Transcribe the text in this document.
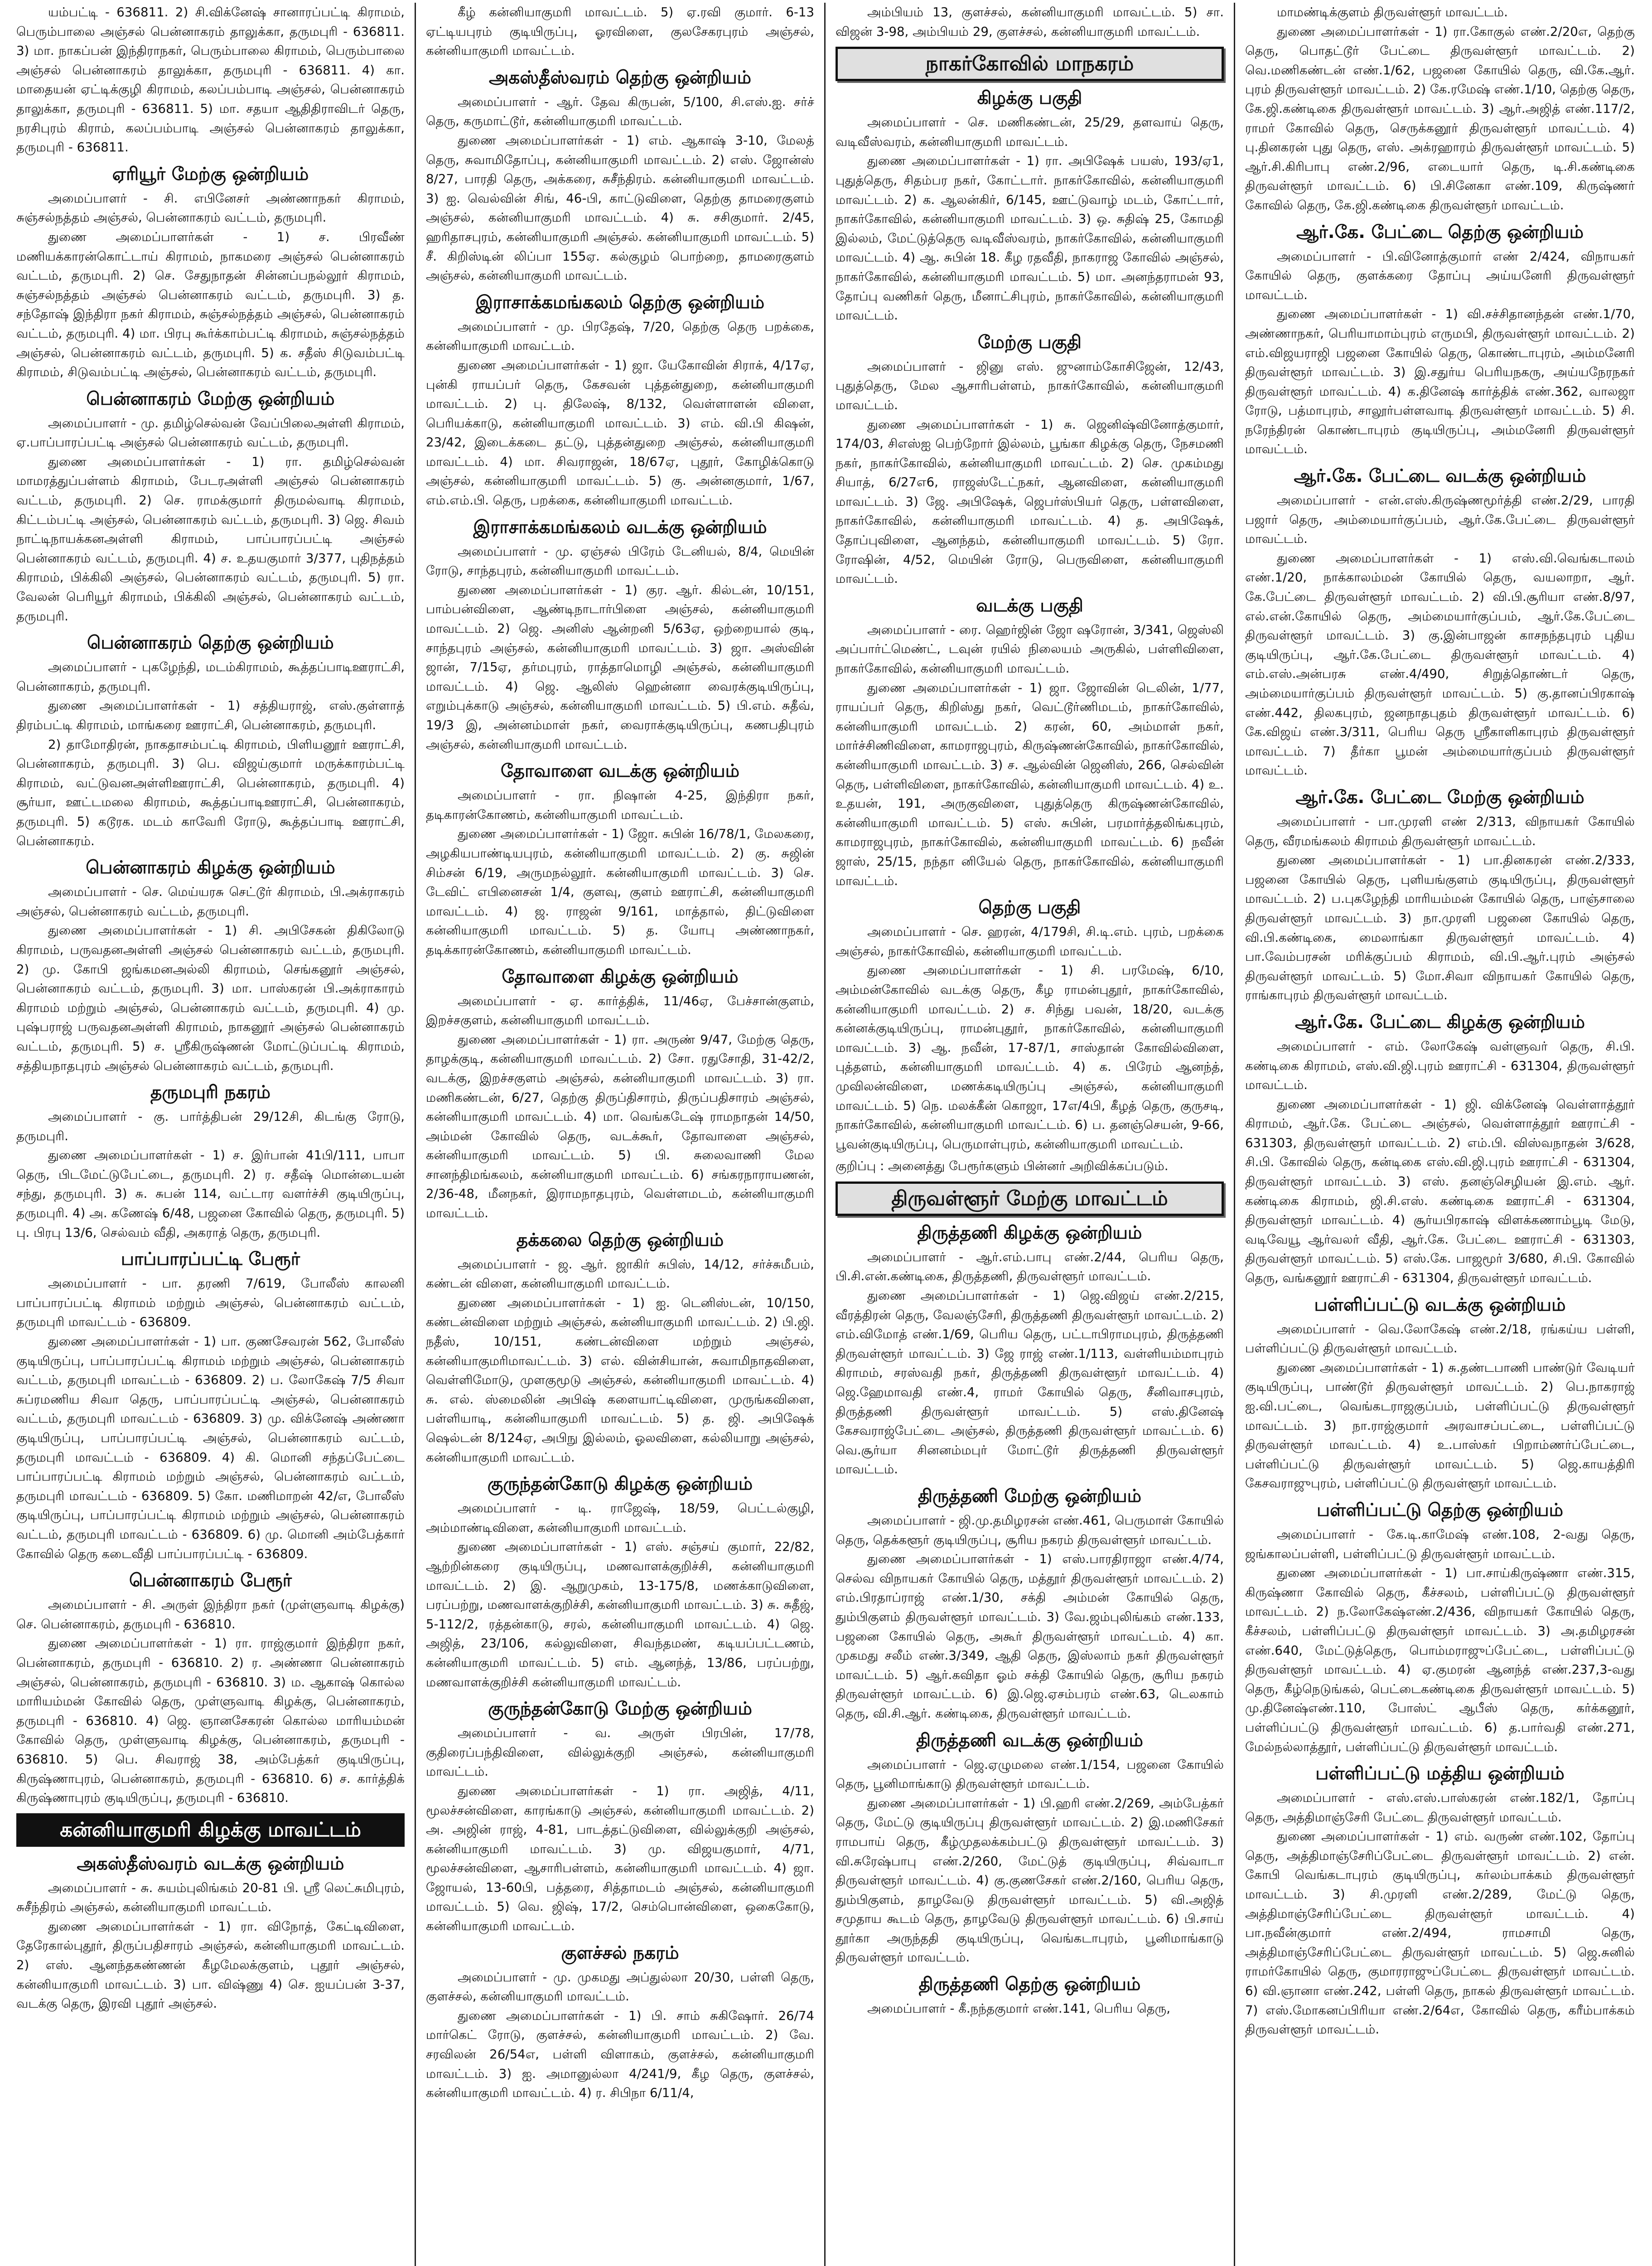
யம்பட்டி - 636811. 2) சி.விக்னேஷ் சானாரப்பட்டி கிராமம், பெரும்பாலை அஞ்சல் பென்னாகரம் தாலுக்கா, தருமபுரி - 636811. 3) மா. நாகப்பன் இந்திராநகர், பெரும்பாலை கிராமம், பெரும்பாலை அஞ்சல் பென்னாகரம் தாலுக்கா, தருமபுரி - 636811. 4) கா. மாதையன் ஏட்டிக்குழி கிராமம், கலப்பம்பாடி அஞ்சல், பென்னாகரம் தாலுக்கா, தருமபுரி - 636811. 5) மா. சதயா ஆதிதிராவிடர் தெரு, நரசிபுரம் கிராம், கலப்பம்பாடி அஞ்சல் பென்னாகரம் தாலுக்கா, தருமபுரி - 636811.

ஏரியூர் மேற்கு ஒன்றியம்

அமைப்பாளர் - சி. எபினேசர் அண்ணாநகர் கிராமம், சுஞ்சல்நத்தம் அஞ்சல், பென்னாகரம் வட்டம், தருமபுரி.

துணை அமைப்பாளர்கள் - 1) ச. பிரவீண் மணியக்காரன்கொட்டாய் கிராமம், நாகமரை அஞ்சல் பென்னாகரம் வட்டம், தருமபுரி. 2) செ. சேதுநாதன் சின்னப்பநல்லூர் கிராமம், சுஞ்சல்நத்தம் அஞ்சல் பென்னாகரம் வட்டம், தருமபுரி. 3) த. சந்தோஷ் இந்திரா நகர் கிராமம், சுஞ்சல்நத்தம் அஞ்சல், பென்னாகரம் வட்டம், தருமபுரி. 4) மா. பிரபு கூர்க்காம்பட்டி கிராமம், சுஞ்சல்நத்தம் அஞ்சல், பென்னாகரம் வட்டம், தருமபுரி. 5) க. சதீஸ் சிடுவம்பட்டி கிராமம், சிடுவம்பட்டி அஞ்சல், பென்னாகரம் வட்டம், தருமபுரி.

பென்னாகரம் மேற்கு ஒன்றியம்

அமைப்பாளர் - மு. தமிழ்செல்வன் வேப்பிலைஅள்ளி கிராமம், ஏ.பாப்பாரப்பட்டி அஞ்சல் பென்னாகரம் வட்டம், தருமபுரி.

துணை அமைப்பாளர்கள் - 1) ரா. தமிழ்செல்வன் மாமரத்துப்பள்ளம் கிராமம், பேடரஅள்ளி அஞ்சல் பென்னாகரம் வட்டம், தருமபுரி. 2) செ. ராமக்குமார் திருமல்வாடி கிராமம், கிட்டம்பட்டி அஞ்சல், பென்னாகரம் வட்டம், தருமபுரி. 3) ஜெ. சிவம் நாட்டிநாயக்கனஅள்ளி கிராமம், பாப்பாரப்பட்டி அஞ்சல் பென்னாகரம் வட்டம், தருமபுரி. 4) ச. உதயகுமார் 3/377, புதிநத்தம் கிராமம், பிக்கிலி அஞ்சல், பென்னாகரம் வட்டம், தருமபுரி. 5) ரா. வேலன் பெரியூர் கிராமம், பிக்கிலி அஞ்சல், பென்னாகரம் வட்டம், தருமபுரி.

பென்னாகரம் தெற்கு ஒன்றியம்

அமைப்பாளர் - புகழேந்தி, மடம்கிராமம், கூத்தப்பாடிஊராட்சி, பென்னாகரம், தருமபுரி.

துணை அமைப்பாளர்கள் - 1) சத்தியராஜ், எஸ்.குள்ளாத் திரம்பட்டி கிராமம், மாங்கரை ஊராட்சி, பென்னாகரம், தருமபுரி.

2) தாமோதிரன், நாகதாசம்பட்டி கிராமம், பிளியனூர் ஊராட்சி, பென்னாகரம், தருமபுரி. 3) பெ. விஜய்குமார் மருக்காரம்பட்டி கிராமம், வட்டுவனஅள்ளிஊராட்சி, பென்னாகரம், தருமபுரி. 4) சூர்யா, ஊட்டமலை கிராமம், கூத்தப்பாடிஊராட்சி, பென்னாகரம், தருமபுரி. 5) கடூரக. மடம் காவேரி ரோடு, கூத்தப்பாடி ஊராட்சி, பென்னாகரம்.

பென்னாகரம் கிழக்கு ஒன்றியம்

அமைப்பாளர் - செ. மெய்யரசு செட்டூர் கிராமம், பி.அக்ராகரம் அஞ்சல், பென்னாகரம் வட்டம், தருமபுரி.

துணை அமைப்பாளர்கள் - 1) சி. அபிசேகன் திகிலோடு கிராமம், பருவதனஅள்ளி அஞ்சல் பென்னாகரம் வட்டம், தருமபுரி. 2) மு. கோபி ஜங்கமனஅல்லி கிராமம், செங்கனூர் அஞ்சல், பென்னாகரம் வட்டம், தருமபுரி. 3) மா. பாஸ்கரன் பி.அக்ராகாரம் கிராமம் மற்றும் அஞ்சல், பென்னாகரம் வட்டம், தருமபுரி. 4) மு. புஷ்பராஜ் பருவதனஅள்ளி கிராமம், நாகனூர் அஞ்சல் பென்னாகரம் வட்டம், தருமபுரி. 5) ச. ஸ்ரீகிருஷ்ணன் மோட்டுப்பட்டி கிராமம், சத்தியநாதபுரம் அஞ்சல் பென்னாகரம் வட்டம், தருமபுரி.

தருமபுரி நகரம்

அமைப்பாளர் - கு. பார்த்திபன் 29/12சி, கிடங்கு ரோடு, தருமபுரி.

துணை அமைப்பாளர்கள் - 1) ச. இர்பான் 41பி/111, பாபா தெரு, பிடமேட்டுபேட்டை, தருமபுரி. 2) ர. சதீஷ் மொன்டையன் சந்து, தருமபுரி. 3) சு. சுபன் 114, வட்டார வளர்ச்சி குடியிருப்பு, தருமபுரி. 4) அ. கணேஷ் 6/48, பஜனை கோவில் தெரு, தருமபுரி. 5) பு. பிரபு 13/6, செல்வம் வீதி, அகராத் தெரு, தருமபுரி.

பாப்பாரப்பட்டி பேரூர்

அமைப்பாளர் - பா. தரணி 7/619, போலீஸ் காலனி பாப்பாரப்பட்டி கிராமம் மற்றும் அஞ்சல், பென்னாகரம் வட்டம், தருமபுரி மாவட்டம் - 636809.

துணை அமைப்பாளர்கள் - 1) பா. குணசேவரன் 562, போலீஸ் குடியிருப்பு, பாப்பாரப்பட்டி கிராமம் மற்றும் அஞ்சல், பென்னாகரம் வட்டம், தருமபுரி மாவட்டம் - 636809. 2) ப. லோகேஷ் 7/5 சிவா சுப்ரமணிய சிவா தெரு, பாப்பாரப்பட்டி அஞ்சல், பென்னாகரம் வட்டம், தருமபுரி மாவட்டம் - 636809. 3) மு. விக்னேஷ் அண்ணா குடியிருப்பு, பாப்பாரப்பட்டி அஞ்சல், பென்னாகரம் வட்டம், தருமபுரி மாவட்டம் - 636809. 4) கி. மொனி சந்தப்பேட்டை பாப்பாரப்பட்டி கிராமம் மற்றும் அஞ்சல், பென்னாகரம் வட்டம், தருமபுரி மாவட்டம் - 636809. 5) கோ. மணிமாறன் 42/எ, போலீஸ் குடியிருப்பு, பாப்பாரப்பட்டி கிராமம் மற்றும் அஞ்சல், பென்னாகரம் வட்டம், தருமபுரி மாவட்டம் - 636809. 6) மு. மொனி அம்பேத்கார் கோவில் தெரு கடைவீதி பாப்பாரப்பட்டி - 636809.

பென்னாகரம் பேரூர்

அமைப்பாளர் - சி. அருள் இந்திரா நகர் (முள்ளுவாடி கிழக்கு) செ. பென்னாகரம், தருமபுரி - 636810.

துணை அமைப்பாளர்கள் - 1) ரா. ராஜ்குமார் இந்திரா நகர், பென்னாகரம், தருமபுரி - 636810. 2) ர. அண்ணா பென்னாகரம் அஞ்சல், பென்னாகரம், தருமபுரி - 636810. 3) ம. ஆகாஷ் கொல்ல மாரியம்மன் கோவில் தெரு, முள்ளுவாடி கிழக்கு, பென்னாகரம், தருமபுரி - 636810. 4) ஜெ. ஞானசேகரன் கொல்ல மாரியம்மன் கோவில் தெரு, முள்ளுவாடி கிழக்கு, பென்னாகரம், தருமபுரி - 636810. 5) பெ. சிவராஜ் 38, அம்பேத்கர் குடியிருப்பு, கிருஷ்ணாபுரம், பென்னாகரம், தருமபுரி - 636810. 6) ச. கார்த்திக் கிருஷ்ணாபுரம் குடியிருப்பு, தருமபுரி - 636810.

கன்னியாகுமரி கிழக்கு மாவட்டம்
அகஸ்தீஸ்வரம் வடக்கு ஒன்றியம்

அமைப்பாளர் - சு. சுயம்புலிங்கம் 20-81 பி. ஸ்ரீ லெட்சுமிபுரம், சுசீந்திரம் அஞ்சல், கன்னியாகுமரி மாவட்டம்.

துணை அமைப்பாளர்கள் - 1) ரா. விநோத், கேட்டிவிளை, தேரேகால்புதூர், திருப்பதிசாரம் அஞ்சல், கன்னியாகுமரி மாவட்டம். 2) எஸ். ஆனந்தகண்ணன் கீழமேலக்குளம், புதூர் அஞ்சல், கன்னியாகுமரி மாவட்டம். 3) பா. விஷ்ணு 4) செ. ஐயப்பன் 3-37, வடக்கு தெரு, இரவி புதூர் அஞ்சல்.

கீழ் கன்னியாகுமரி மாவட்டம். 5) ஏ.ரவி குமார். 6-13 ஏட்டியபுரம் குடியிருப்பு, ஓரவிளை, குலசேகரபுரம் அஞ்சல், கன்னியாகுமரி மாவட்டம்.

அகஸ்தீஸ்வரம் தெற்கு ஒன்றியம்

அமைப்பாளர் - ஆர். தேவ கிருபன், 5/100, சி.எஸ்.ஐ. சர்ச் தெரு, கருமாட்டூர், கன்னியாகுமரி மாவட்டம்.

துணை அமைப்பாளர்கள் - 1) எம். ஆகாஷ் 3-10, மேலத் தெரு, சுவாமிதோப்பு, கன்னியாகுமரி மாவட்டம். 2) எஸ். ஜோன்ஸ் 8/27, பாரதி தெரு, அக்கரை, சுசீந்திரம். கன்னியாகுமரி மாவட்டம். 3) ஐ. வெல்வின் சிங், 46-பி, காட்டுவிளை, தெற்கு தாமரைகுளம் அஞ்சல், கன்னியாகுமரி மாவட்டம். 4) சு. சசிகுமார். 2/45, ஹரிதாசபுரம், கன்னியாகுமரி அஞ்சல். கன்னியாகுமரி மாவட்டம். 5) சீ. கிறிஸ்டின் லிப்பா 155ஏ. கல்குழம் பொற்றை, தாமரைகுளம் அஞ்சல், கன்னியாகுமரி மாவட்டம்.

இராசாக்கமங்கலம் தெற்கு ஒன்றியம்

அமைப்பாளர் - மு. பிரதேஷ், 7/20, தெற்கு தெரு பறக்கை, கன்னியாகுமரி மாவட்டம்.

துணை அமைப்பாளர்கள் - 1) ஜா. யேகோவின் சிராக், 4/17ஏ, புன்கி ராயப்பர் தெரு, கேசவன் புத்தன்துறை, கன்னியாகுமரி மாவட்டம். 2) பு. திலேஷ், 8/132, வெள்ளாளன் விளை, பெரியக்காடு, கன்னியாகுமரி மாவட்டம். 3) எம். வி.பி கிஷன், 23/42, இடைக்கடை தட்டு, புத்தன்துறை அஞ்சல், கன்னியாகுமரி மாவட்டம். 4) மா. சிவராஜன், 18/67ஏ, புதூர், கோழிக்கொடு அஞ்சல், கன்னியாகுமரி மாவட்டம். 5) கு. அன்னகுமார், 1/67, எம்.எம்.பி. தெரு, பறக்கை, கன்னியாகுமரி மாவட்டம்.

இராசாக்கமங்கலம் வடக்கு ஒன்றியம்

அமைப்பாளர் - மு. ஏஞ்சல் பிரேம் டேனியல், 8/4, மெயின் ரோடு, சாந்தபுரம், கன்னியாகுமரி மாவட்டம்.

துணை அமைப்பாளர்கள் - 1) குர. ஆர். கில்டன், 10/151, பாம்பன்விளை, ஆண்டிநாடார்பிளை அஞ்சல், கன்னியாகுமரி மாவட்டம். 2) ஜெ. அனிஸ் ஆன்றனி 5/63ஏ, ஒற்றையால் குடி, சாந்தபுரம் அஞ்சல், கன்னியாகுமரி மாவட்டம். 3) ஜா. அஸ்வின் ஜான், 7/15ஏ, தர்மபுரம், ராத்தாமொழி அஞ்சல், கன்னியாகுமரி மாவட்டம். 4) ஜெ. ஆலிஸ் ஹென்னா வைரக்குடியிருப்பு, எறும்புக்காடு அஞ்சல், கன்னியாகுமரி மாவட்டம். 5) பி.எம். சுதீவ், 19/3 இ, அன்னம்மாள் நகர், வைராக்குடியிருப்பு, கணபதிபுரம் அஞ்சல், கன்னியாகுமரி மாவட்டம்.

தோவாளை வடக்கு ஒன்றியம்

அமைப்பாளர் - ரா. நிஷான் 4-25, இந்திரா நகர், தடிகாரன்கோணம், கன்னியாகுமரி மாவட்டம்.

துணை அமைப்பாளர்கள் - 1) ஜோ. சுபின் 16/78/1, மேலகரை, அழகியபாண்டியபுரம், கன்னியாகுமரி மாவட்டம். 2) கு. சுஜின் சிம்சன் 6/19, அருமநல்லூர். கன்னியாகுமரி மாவட்டம். 3) செ. டேவிட் எபினைசன் 1/4, குளவு, குளம் ஊராட்சி, கன்னியாகுமரி மாவட்டம். 4) ஜ. ராஜன் 9/161, மாத்தால், திட்டுவிளை கன்னியாகுமரி மாவட்டம். 5) த. யோபு அண்ணாநகர், தடிக்காரன்கோணம், கன்னியாகுமரி மாவட்டம்.

தோவாளை கிழக்கு ஒன்றியம்

அமைப்பாளர் - ஏ. கார்த்திக், 11/46ஏ, பேச்சான்குளம், இறச்சகுளம், கன்னியாகுமரி மாவட்டம்.

துணை அமைப்பாளர்கள் - 1) ரா. அருண் 9/47, மேற்கு தெரு, தாழக்குடி, கன்னியாகுமரி மாவட்டம். 2) சோ. ரதுசோதி, 31-42/2, வடக்கு, இறச்சகுளம் அஞ்சல், கன்னியாகுமரி மாவட்டம். 3) ரா. மணிகண்டன், 6/27, தெற்கு திருப்திசாரம், திருப்பதிசாரம் அஞ்சல், கன்னியாகுமரி மாவட்டம். 4) மா. வெங்கடேஷ் ராமநாதன் 14/50, அம்மன் கோவில் தெரு, வடக்கூர், தோவாளை அஞ்சல், கன்னியாகுமரி மாவட்டம். 5) பி. சுலைவாணி மேல சானந்திமங்கலம், கன்னியாகுமரி மாவட்டம். 6) சங்கரநாராயணன், 2/36-48, மீனநகர், இராமநாதபுரம், வெள்ளமடம், கன்னியாகுமரி மாவட்டம்.

தக்கலை தெற்கு ஒன்றியம்

அமைப்பாளர் - ஜ. ஆர். ஜாகிர் சுபிஸ், 14/12, சர்ச்சுமீபம், கண்டன் விளை, கன்னியாகுமரி மாவட்டம்.

துணை அமைப்பாளர்கள் - 1) ஐ. டெனிஸ்டன், 10/150, கண்டன்விளை மற்றும் அஞ்சல், கன்னியாகுமரி மாவட்டம். 2) பி.ஜி. நதீஸ், 10/151, கண்டன்விளை மற்றும் அஞ்சல், கன்னியாகுமரிமாவட்டம். 3) எல். வின்சியான், சுவாமிநாதவிளை, வெள்ளிமோடு, முளகுமூடு அஞ்சல், கன்னியாகுமரி மாவட்டம். 4) சு. எல். ஸ்மைலின் அபிஷ் களையாட்டிவிளை, முருங்கவிளை, பள்ளியாடி, கன்னியாகுமரி மாவட்டம். 5) த. ஜி. அபிஷேக் ஷெல்டன் 8/124ஏ, அபிநு இல்லம், ஓலவிளை, கல்லியாறு அஞ்சல், கன்னியாகுமரி மாவட்டம்.

குருந்தன்கோடு கிழக்கு ஒன்றியம்

அமைப்பாளர் - டி. ராஜேஷ், 18/59, பெட்டல்குழி, அம்மாண்டிவிளை, கன்னியாகுமரி மாவட்டம்.

துணை அமைப்பாளர்கள் - 1) எஸ். சஞ்சய் குமார், 22/82, ஆற்றின்கரை குடியிருப்பு, மணவாளக்குறிச்சி, கன்னியாகுமரி மாவட்டம். 2) இ. ஆறுமுகம், 13-175/8, மணக்காடுவிளை, பரப்பற்று, மணவாளக்குறிச்சி, கன்னியாகுமரி மாவட்டம். 3) சு. சுதீஜ், 5-112/2, ரத்தன்காடு, சரல், கன்னியாகுமரி மாவட்டம். 4) ஜெ. அஜித், 23/106, கல்லுவிளை, சிவந்தமண், கடியப்பட்டணம், கன்னியாகுமரி மாவட்டம். 5) எம். ஆனந்த், 13/86, பரப்பற்று, மணவாளக்குறிச்சி கன்னியாகுமரி மாவட்டம்.

குருந்தன்கோடு மேற்கு ஒன்றியம்

அமைப்பாளர் - வ. அருள் பிரபின், 17/78, குதிரைப்பந்திவிளை, வில்லுக்குறி அஞ்சல், கன்னியாகுமரி மாவட்டம்.

துணை அமைப்பாளர்கள் - 1) ரா. அஜித், 4/11, மூலச்சன்விளை, காரங்காடு அஞ்சல், கன்னியாகுமரி மாவட்டம். 2) அ. அஜின் ராஜ், 4-81, பாடத்தட்டுவிளை, வில்லுக்குறி அஞ்சல், கன்னியாகுமரி மாவட்டம். 3) மு. விஜயகுமார், 4/71, மூலச்சன்விளை, ஆசாரிபள்ளம், கன்னியாகுமரி மாவட்டம். 4) ஜா. ஜோயல், 13-60பி, பத்தரை, சித்தாமடம் அஞ்சல், கன்னியாகுமரி மாவட்டம். 5) வெ. ஜிஷ், 17/2, செம்பொன்விளை, ஒகைகோடு, கன்னியாகுமரி மாவட்டம்.

குளச்சல் நகரம்

அமைப்பாளர் - மு. முகமது அப்துல்லா 20/30, பள்ளி தெரு, குளச்சல், கன்னியாகுமரி மாவட்டம்.

துணை அமைப்பாளர்கள் - 1) பி. சாம் சுகிஷோர். 26/74 மார்கெட் ரோடு, குளச்சல், கன்னியாகுமரி மாவட்டம். 2) வே. சரவிலன் 26/54எ, பள்ளி விளாகம், குளச்சல், கன்னியாகுமரி மாவட்டம். 3) ஐ. அமானுல்லா 4/241/9, கீழ தெரு, குளச்சல், கன்னியாகுமரி மாவட்டம். 4) ர. சிபிநா 6/11/4,

அம்பியம் 13, குளச்சல், கன்னியாகுமரி மாவட்டம். 5) சா. விஜன் 3-98, அம்பியம் 29, குளச்சல், கன்னியாகுமரி மாவட்டம்.

நாகர்கோவில் மாநகரம்
கிழக்கு பகுதி

அமைப்பாளர் - செ. மணிகண்டன், 25/29, தளவாய் தெரு, வடிவீஸ்வரம், கன்னியாகுமரி மாவட்டம்.

துணை அமைப்பாளர்கள் - 1) ரா. அபிஷேக் பயஸ், 193/ஏ1, புதுத்தெரு, சிதம்பர நகர், கோட்டார். நாகர்கோவில், கன்னியாகுமரி மாவட்டம். 2) க. ஆலன்கிர், 6/145, ஊட்டுவாழ் மடம், கோட்டார், நாகர்கோவில், கன்னியாகுமரி மாவட்டம். 3) ஒ. சுதிஷ் 25, கோமதி இல்லம், மேட்டுத்தெரு வடிவீஸ்வரம், நாகர்கோவில், கன்னியாகுமரி மாவட்டம். 4) ஆ. சுபின் 18. கீழ ரதவீதி, நாகராஜ கோவில் அஞ்சல், நாகர்கோவில், கன்னியாகுமரி மாவட்டம். 5) மா. அனந்தராமன் 93, தோப்பு வணிகர் தெரு, மீனாட்சிபுரம், நாகர்கோவில், கன்னியாகுமரி மாவட்டம்.

மேற்கு பகுதி

அமைப்பாளர் - ஜினு எஸ். ஜுனாம்கோசிஜேன், 12/43, புதுத்தெரு, மேல ஆசாரிபள்ளம், நாகர்கோவில், கன்னியாகுமரி மாவட்டம்.

துணை அமைப்பாளர்கள் - 1) சு. ஜெனிஷ்வினோத்குமார், 174/03, சிஎஸ்ஐ பெற்றோர் இல்லம், பூங்கா கிழக்கு தெரு, நேசமணி நகர், நாகர்கோவில், கன்னியாகுமரி மாவட்டம். 2) செ. முகம்மது சியாத், 6/27எ6, ராஜஸ்டேட்நகர், ஆனவிளை, கன்னியாகுமரி மாவட்டம். 3) ஜே. அபிஷேக், ஜெபர்ஸ்பியர் தெரு, பள்ளவிளை, நாகர்கோவில், கன்னியாகுமரி மாவட்டம். 4) த. அபிஷேக், தோப்புவிளை, ஆனந்தம், கன்னியாகுமரி மாவட்டம். 5) ரோ. ரோஷின், 4/52, மெயின் ரோடு, பெருவிளை, கன்னியாகுமரி மாவட்டம்.

வடக்கு பகுதி

அமைப்பாளர் - ரை. ஹெர்ஜின் ஜோ ஷரோன், 3/341, ஜெஸ்லி அப்பார்ட்மெண்ட், டவுன் ரயில் நிலையம் அருகில், பள்ளிவிளை, நாகர்கோவில், கன்னியாகுமரி மாவட்டம்.

துணை அமைப்பாளர்கள் - 1) ஜா. ஜோவின் டெலின், 1/77, ராயப்பர் தெரு, கிறிஸ்து நகர், வெட்டூர்ணிமடம், நாகர்கோவில், கன்னியாகுமரி மாவட்டம். 2) கரன், 60, அம்மாள் நகர், மார்ச்சிணிவிளை, காமராஜபுரம், கிருஷ்ணன்கோவில், நாகர்கோவில், கன்னியாகுமரி மாவட்டம். 3) ச. ஆல்வின் ஜெனிஸ், 266, செல்வின் தெரு, பள்ளிவிளை, நாகர்கோவில், கன்னியாகுமரி மாவட்டம். 4) உ. உதயன், 191, அருகுவிளை, புதுத்தெரு கிருஷ்ணன்கோவில், கன்னியாகுமரி மாவட்டம். 5) எஸ். சுபின், பரமார்த்தலிங்கபுரம், காமராஜபுரம், நாகர்கோவில், கன்னியாகுமரி மாவட்டம். 6) நவீன் ஜாஸ், 25/15, நந்தா னியேல் தெரு, நாகர்கோவில், கன்னியாகுமரி மாவட்டம்.

தெற்கு பகுதி

அமைப்பாளர் - செ. ஹரன், 4/179சி, சி.டி.எம். புரம், பறக்கை அஞ்சல், நாகர்கோவில், கன்னியாகுமரி மாவட்டம்.

துணை அமைப்பாளர்கள் - 1) சி. பரமேஷ், 6/10, அம்மன்கோவில் வடக்கு தெரு, கீழ ராமன்புதூர், நாகர்கோவில், கன்னியாகுமரி மாவட்டம். 2) ச. சிந்து பவன், 18/20, வடக்கு கன்னக்குடியிருப்பு, ராமன்புதூர், நாகர்கோவில், கன்னியாகுமரி மாவட்டம். 3) ஆ. நவீன், 17-87/1, சாஸ்தான் கோவில்விளை, புத்தளம், கன்னியாகுமரி மாவட்டம். 4) க. பிரேம் ஆனந்த், முவிலன்விளை, மணக்கடியிருப்பு அஞ்சல், கன்னியாகுமரி மாவட்டம். 5) நெ. மலக்கீன் கொஜா, 17எ/4பி, கீழத் தெரு, குருசடி, நாகர்கோவில், கன்னியாகுமரி மாவட்டம். 6) ப. தனஞ்செயன், 9-66, பூவன்குடியிருப்பு, பெருமாள்புரம், கன்னியாகுமரி மாவட்டம்.

குறிப்பு : அனைத்து பேரூர்களும் பின்னர் அறிவிக்கப்படும்.

திருவள்ளூர் மேற்கு மாவட்டம்
திருத்தணி கிழக்கு ஒன்றியம்

அமைப்பாளர் - ஆர்.எம்.பாபு எண்.2/44, பெரிய தெரு, பி.சி.என்.கண்டிகை, திருத்தணி, திருவள்ளூர் மாவட்டம்.

துணை அமைப்பாளர்கள் - 1) ஜெ.விஜய் எண்.2/215, வீரத்திரன் தெரு, வேலஞ்சேரி, திருத்தணி திருவள்ளூர் மாவட்டம். 2) எம்.விமோத் எண்.1/69, பெரிய தெரு, பட்டாபிராமபுரம், திருத்தணி திருவள்ளூர் மாவட்டம். 3) ஜே ராஜ் எண்.1/113, வள்ளியம்மாபுரம் கிராமம், சரஸ்வதி நகர், திருத்தணி திருவள்ளூர் மாவட்டம். 4) ஜெ.ஹேமாவதி எண்.4, ராமர் கோயில் தெரு, சீனிவாசபுரம், திருத்தணி திருவள்ளூர் மாவட்டம். 5) எஸ்.தினேஷ் கேசவராஜ்பேட்டை அஞ்சல், திருத்தணி திருவள்ளூர் மாவட்டம். 6) வெ.சூர்யா சினனம்மபுர் மோட்டூர் திருத்தணி திருவள்ளூர் மாவட்டம்.

திருத்தணி மேற்கு ஒன்றியம்

அமைப்பாளர் - ஜி.மு.தமிழரசன் எண்.461, பெருமாள் கோயில் தெரு, தெக்களூர் குடியிருப்பு, சூரிய நகரம் திருவள்ளூர் மாவட்டம்.

துணை அமைப்பாளர்கள் - 1) எஸ்.பாரதிராஜா எண்.4/74, செல்வ விநாயகர் கோயில் தெரு, மத்தூர் திருவள்ளூர் மாவட்டம். 2) எம்.பிரதாப்ராஜ் எண்.1/30, சக்தி அம்மன் கோயில் தெரு, தும்பிகுளம் திருவள்ளூர் மாவட்டம். 3) வே.ஜம்புலிங்கம் எண்.133, பஜனை கோயில் தெரு, அகூர் திருவள்ளூர் மாவட்டம். 4) கா. முகமது சலீம் எண்.3/349, ஆதி தெரு, இஸ்லாம் நகர் திருவள்ளூர் மாவட்டம். 5) ஆர்.கவிதா ஓம் சக்தி கோயில் தெரு, சூரிய நகரம் திருவள்ளூர் மாவட்டம். 6) இ.ஜெ.ஏசம்பரம் எண்.63, டெலகாம் தெரு, வி.சி.ஆர். கண்டிகை, திருவள்ளூர் மாவட்டம்.

திருத்தணி வடக்கு ஒன்றியம்

அமைப்பாளர் - ஜெ.ஏழுமலை எண்.1/154, பஜனை கோயில் தெரு, பூனிமாங்காடு திருவள்ளூர் மாவட்டம்.

துணை அமைப்பாளர்கள் - 1) பி.ஹரி எண்.2/269, அம்பேத்கர் தெரு, மேட்டு குடியிருப்பு திருவள்ளூர் மாவட்டம். 2) இ.மணிசேகர் ராமபாய் தெரு, கீழ்முதலக்கம்பட்டு திருவள்ளூர் மாவட்டம். 3) வி.சுரேஷ்பாபு எண்.2/260, மேட்டுத் குடியிருப்பு, சிவ்வாடா திருவள்ளூர் மாவட்டம். 4) கு.குணசேகர் எண்.2/160, பெரிய தெரு, தும்பிகுளம், தாழவேடு திருவள்ளூர் மாவட்டம். 5) வி.அஜித் சமுதாய கூடம் தெரு, தாழவேடு திருவள்ளூர் மாவட்டம். 6) பி.சாய் தூர்கா அருந்ததி குடியிருப்பு, வெங்கடாபுரம், பூனிமாங்காடு திருவள்ளூர் மாவட்டம்.

திருத்தணி தெற்கு ஒன்றியம்

அமைப்பாளர் - கீ.நந்தகுமார் எண்.141, பெரிய தெரு,

மாமண்டிக்குளம் திருவள்ளூர் மாவட்டம்.

துணை அமைப்பாளர்கள் - 1) ரா.கோகுல் எண்.2/20எ, தெற்கு தெரு, பொதட்டூர் பேட்டை திருவள்ளூர் மாவட்டம். 2) வெ.மணிகண்டன் எண்.1/62, பஜனை கோயில் தெரு, வி.கே.ஆர். புரம் திருவள்ளூர் மாவட்டம். 2) கே.ரமேஷ் எண்.1/10, தெற்கு தெரு, கே.ஜி.கண்டிகை திருவள்ளூர் மாவட்டம். 3) ஆர்.அஜித் எண்.117/2, ராமர் கோவில் தெரு, செருக்கனூர் திருவள்ளூர் மாவட்டம். 4) பு.தினகரன் புது தெரு, எஸ். அக்ரஹாரம் திருவள்ளூர் மாவட்டம். 5) ஆர்.சி.கிரிபாபு எண்.2/96, எடையார் தெரு, டி.சி.கண்டிகை திருவள்ளூர் மாவட்டம். 6) பி.சினேகா எண்.109, கிருஷ்ணர் கோவில் தெரு, கே.ஜி.கண்டிகை திருவள்ளூர் மாவட்டம்.

ஆர்.கே. பேட்டை தெற்கு ஒன்றியம்

அமைப்பாளர் - பி.வினோத்குமார் எண் 2/424, விநாயகர் கோயில் தெரு, குளக்கரை தோப்பு அய்யனேரி திருவள்ளூர் மாவட்டம்.

துணை அமைப்பாளர்கள் - 1) வி.சச்சிதானந்தன் எண்.1/70, அண்ணாநகர், பெரியாமாம்புரம் எருமபி, திருவள்ளூர் மாவட்டம். 2) எம்.விஜயராஜி பஜனை கோயில் தெரு, கொண்டாபுரம், அம்மனேரி திருவள்ளூர் மாவட்டம். 3) இ.சதுர்ய பெரியநகரு, அய்யநேரநகர் திருவள்ளூர் மாவட்டம். 4) க.தினேஷ் கார்த்திக் எண்.362, வாலஜா ரோடு, பத்மாபுரம், சாலூர்பள்ளவாடி திருவள்ளூர் மாவட்டம். 5) சி. நரேந்திரன் கொண்டாபுரம் குடியிருப்பு, அம்மனேரி திருவள்ளூர் மாவட்டம்.

ஆர்.கே. பேட்டை வடக்கு ஒன்றியம்

அமைப்பாளர் - என்.எஸ்.கிருஷ்ணமூர்த்தி எண்.2/29, பாரதி பஜார் தெரு, அம்மையார்குப்பம், ஆர்.கே.பேட்டை திருவள்ளூர் மாவட்டம்.

துணை அமைப்பாளர்கள் - 1) எஸ்.வி.வெங்கடாலம் எண்.1/20, நாக்காலம்மன் கோயில் தெரு, வயலாறா, ஆர். கே.பேட்டை திருவள்ளூர் மாவட்டம். 2) வி.பி.சூரியா எண்.8/97, எல்.என்.கோயில் தெரு, அம்மையார்குப்பம், ஆர்.கே.பேட்டை திருவள்ளூர் மாவட்டம். 3) கு.இன்பாஜன் காசநந்தபுரம் புதிய குடியிருப்பு, ஆர்.கே.பேட்டை திருவள்ளூர் மாவட்டம். 4) எம்.எஸ்.அன்பரசு எண்.4/490, சிறுத்தொண்டர் தெரு, அம்மையார்குப்பம் திருவள்ளூர் மாவட்டம். 5) கு.தானப்பிரகாஷ் எண்.442, திலகபுரம், ஜனநாதபுதம் திருவள்ளூர் மாவட்டம். 6) கே.விஜய் எண்.3/311, பெரிய தெரு ஸ்ரீகாளிகாபுரம் திருவள்ளூர் மாவட்டம். 7) தீர்கா பூமன் அம்மையார்குப்பம் திருவள்ளூர் மாவட்டம்.

ஆர்.கே. பேட்டை மேற்கு ஒன்றியம்

அமைப்பாளர் - பா.முரளி எண் 2/313, விநாயகர் கோயில் தெரு, வீரமங்கலம் கிராமம் திருவள்ளூர் மாவட்டம்.

துணை அமைப்பாளர்கள் - 1) பா.தினகரன் எண்.2/333, பஜனை கோயில் தெரு, புளியங்குளம் குடியிருப்பு, திருவள்ளூர் மாவட்டம். 2) ப.புகழேந்தி மாரியம்மன் கோயில் தெரு, பாஞ்சாலை திருவள்ளூர் மாவட்டம். 3) நா.முரளி பஜனை கோயில் தெரு, வி.பி.கண்டிகை, மைலாங்கா திருவள்ளூர் மாவட்டம். 4) பா.வேம்பரசன் மரிக்குப்பம் கிராமம், வி.பி.ஆர்.புரம் அஞ்சல் திருவள்ளூர் மாவட்டம். 5) மோ.சிவா விநாயகர் கோயில் தெரு, ராங்காபுரம் திருவள்ளூர் மாவட்டம்.

ஆர்.கே. பேட்டை கிழக்கு ஒன்றியம்

அமைப்பாளர் - எம். லோகேஷ் வள்ளுவர் தெரு, சி.பி. கண்டிகை கிராமம், எஸ்.வி.ஜி.புரம் ஊராட்சி - 631304, திருவள்ளூர் மாவட்டம்.

துணை அமைப்பாளர்கள் - 1) ஜி. விக்னேஷ் வெள்ளாத்தூர் கிராமம், ஆர்.கே. பேட்டை அஞ்சல், வெள்ளாத்தூர் ஊராட்சி - 631303, திருவள்ளூர் மாவட்டம். 2) எம்.பி. விஸ்வநாதன் 3/628, சி.பி. கோவில் தெரு, கன்டிகை எஸ்.வி.ஜி.புரம் ஊராட்சி - 631304, திருவள்ளூர் மாவட்டம். 3) எஸ். தனஞ்செழியன் இ.எம். ஆர். கண்டிகை கிராமம், ஜி.சி.எஸ். கண்டிகை ஊராட்சி - 631304, திருவள்ளூர் மாவட்டம். 4) சூர்யபிரகாஷ் விளக்கணாம்பூடி மேடு, வடிவேயூ ஆர்வலர் வீதி, ஆர்.கே. பேட்டை ஊராட்சி - 631303, திருவள்ளூர் மாவட்டம். 5) எஸ்.கே. பாஜமூர் 3/680, சி.பி. கோவில் தெரு, வங்கனூர் ஊராட்சி - 631304, திருவள்ளூர் மாவட்டம்.

பள்ளிப்பட்டு வடக்கு ஒன்றியம்

அமைப்பாளர் - வெ.லோகேஷ் எண்.2/18, ரங்கய்ய பள்ளி, பள்ளிப்பட்டு திருவள்ளூர் மாவட்டம்.

துணை அமைப்பாளர்கள் - 1) சு.தண்டபாணி பாண்டுர் வேடியர் குடியிருப்பு, பாண்டூர் திருவள்ளூர் மாவட்டம். 2) பெ.நாகராஜ் ஐ.வி.பட்டை, வெங்கடராஜகுப்பம், பள்ளிப்பட்டு திருவள்ளூர் மாவட்டம். 3) நா.ராஜ்குமார் அரவாசப்பட்டை, பள்ளிப்பட்டு திருவள்ளூர் மாவட்டம். 4) உ.பாஸ்கர் பிறாம்ணர்ப்பேட்டை, பள்ளிப்பட்டு திருவள்ளூர் மாவட்டம். 5) ஜெ.காயத்திரி கேசவராஜுபுரம், பள்ளிப்பட்டு திருவள்ளூர் மாவட்டம்.

பள்ளிப்பட்டு தெற்கு ஒன்றியம்

அமைப்பாளர் - கே.டி.காமேஷ் எண்.108, 2-வது தெரு, ஜங்காலப்பள்ளி, பள்ளிப்பட்டு திருவள்ளூர் மாவட்டம்.

துணை அமைப்பாளர்கள் - 1) பா.சாய்கிருஷ்ணா எண்.315, கிருஷ்ணா கோவில் தெரு, கீச்சலம், பள்ளிப்பட்டு திருவள்ளூர் மாவட்டம். 2) ந.லோகேஷ்எண்.2/436, விநாயகர் கோயில் தெரு, கீச்சலம், பள்ளிப்பட்டு திருவள்ளூர் மாவட்டம். 3) அ.தமிழரசன் எண்.640, மேட்டுத்தெரு, பொம்மராஜுப்பேட்டை, பள்ளிப்பட்டு திருவள்ளூர் மாவட்டம். 4) ஏ.குமரன் ஆனந்த் எண்.237,3-வது தெரு, கீழ்நெடுங்கல், பெட்டைகண்டிகை திருவள்ளூர் மாவட்டம். 5) மு.தினேஷ்எண்.110, போஸ்ட் ஆபீஸ் தெரு, கர்க்கனூர், பள்ளிப்பட்டு திருவள்ளூர் மாவட்டம். 6) த.பார்வதி எண்.271, மேல்நல்லாத்தூர், பள்ளிப்பட்டு திருவள்ளூர் மாவட்டம்.

பள்ளிப்பட்டு மத்திய ஒன்றியம்

அமைப்பாளர் - எஸ்.எஸ்.பாஸ்கரன் எண்.182/1, தோப்பு தெரு, அத்திமாஞ்சேரி பேட்டை திருவள்ளூர் மாவட்டம்.

துணை அமைப்பாளர்கள் - 1) எம். வருண் எண்.102, தோப்பு தெரு, அத்திமாஞ்சேரிப்பேட்டை திருவள்ளூர் மாவட்டம். 2) என். கோபி வெங்கடாபுரம் குடியிருப்பு, கர்லம்பாக்கம் திருவள்ளூர் மாவட்டம். 3) சி.முரளி எண்.2/289, மேட்டு தெரு, அத்திமாஞ்சேரிப்பேட்டை திருவள்ளூர் மாவட்டம். 4) பா.நவீன்குமார் எண்.2/494, ராமசாமி தெரு, அத்திமாஞ்சேரிப்பேட்டை திருவள்ளூர் மாவட்டம். 5) ஜெ.சுனில் ராமர்கோயில் தெரு, குமாரராஜுப்பேட்டை திருவள்ளூர் மாவட்டம். 6) வி.ஞானா எண்.242, பள்ளி தெரு, நாகல் திருவள்ளூர் மாவட்டம். 7) எஸ்.மோகனப்பிரியா எண்.2/64எ, கோவில் தெரு, கரீம்பாக்கம் திருவள்ளூர் மாவட்டம்.
